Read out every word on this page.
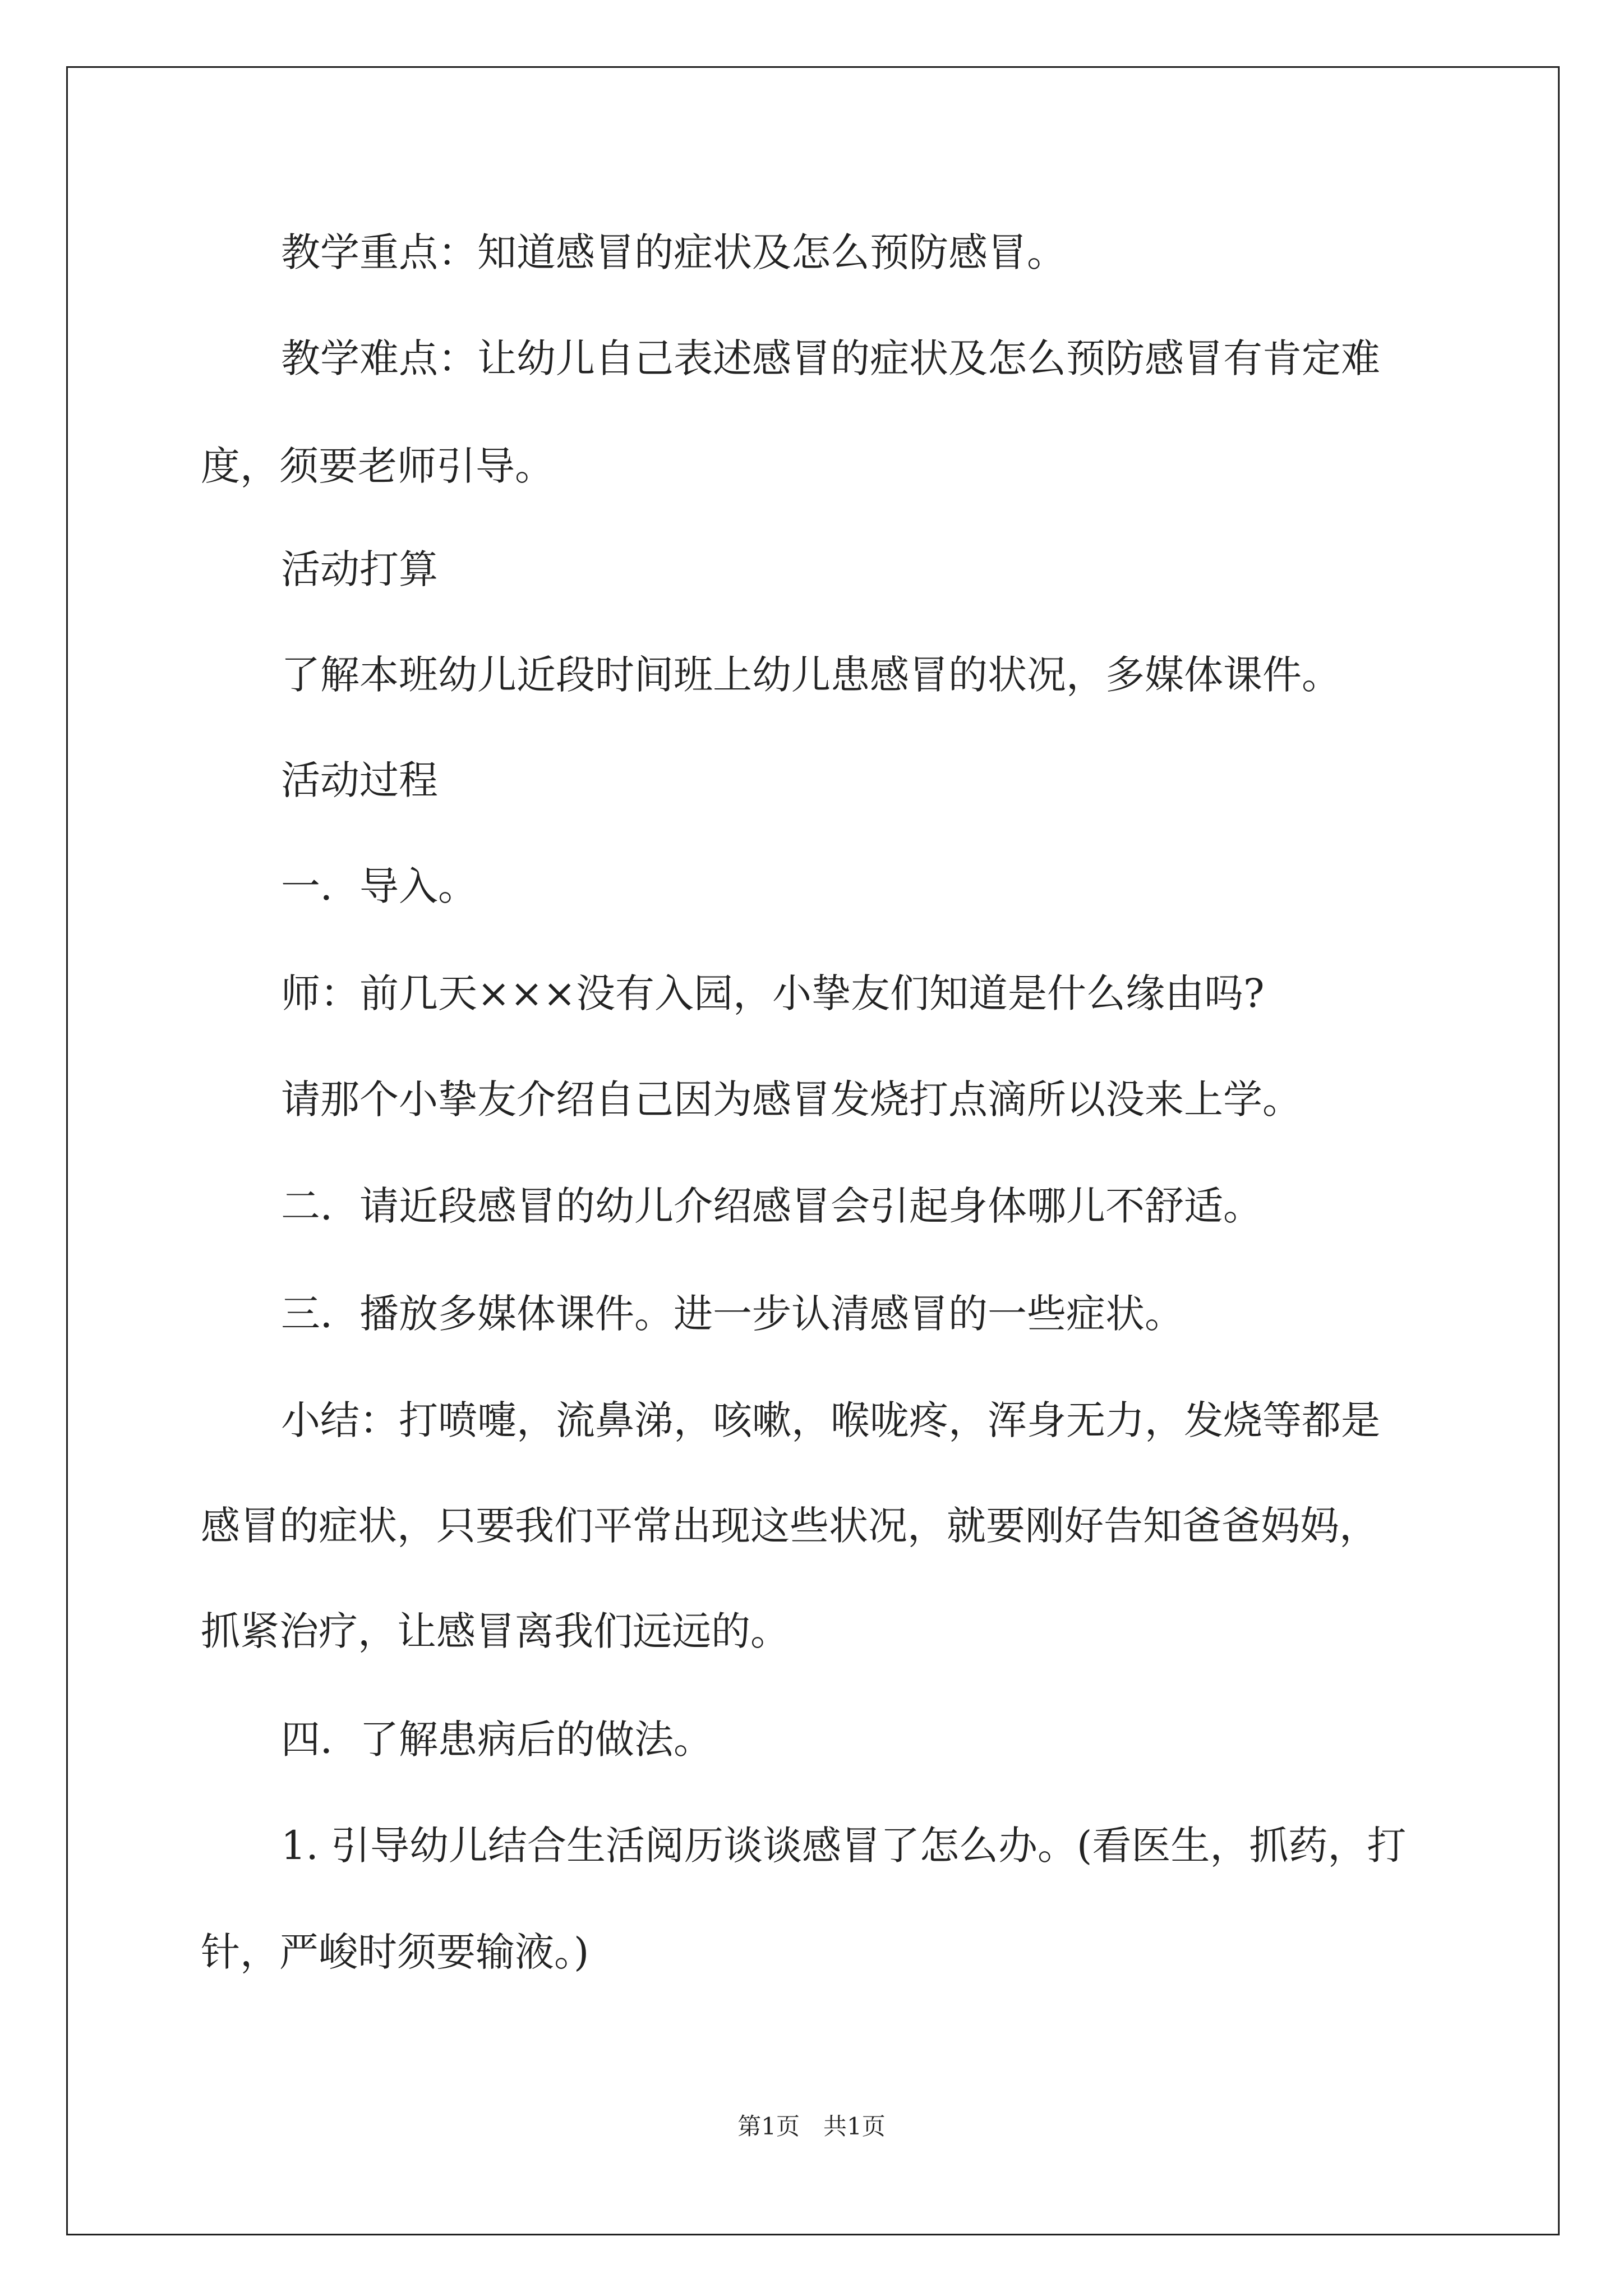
教学重点：知道感冒的症状及怎么预防感冒。

教学难点：让幼儿自己表述感冒的症状及怎么预防感冒有肯定难

度，须要老师引导。

活动打算

了解本班幼儿近段时间班上幼儿患感冒的状况，多媒体课件。

活动过程

一．导入。

师：前几天×××没有入园，小挚友们知道是什么缘由吗?

请那个小挚友介绍自己因为感冒发烧打点滴所以没来上学。

二．请近段感冒的幼儿介绍感冒会引起身体哪儿不舒适。

三．播放多媒体课件。进一步认清感冒的一些症状。

小结：打喷嚏，流鼻涕，咳嗽，喉咙疼，浑身无力，发烧等都是

感冒的症状，只要我们平常出现这些状况，就要刚好告知爸爸妈妈，

抓紧治疗，让感冒离我们远远的。

四．了解患病后的做法。

1. 引导幼儿结合生活阅历谈谈感冒了怎么办。(看医生，抓药，打

针，严峻时须要输液。)

第1页　共1页
